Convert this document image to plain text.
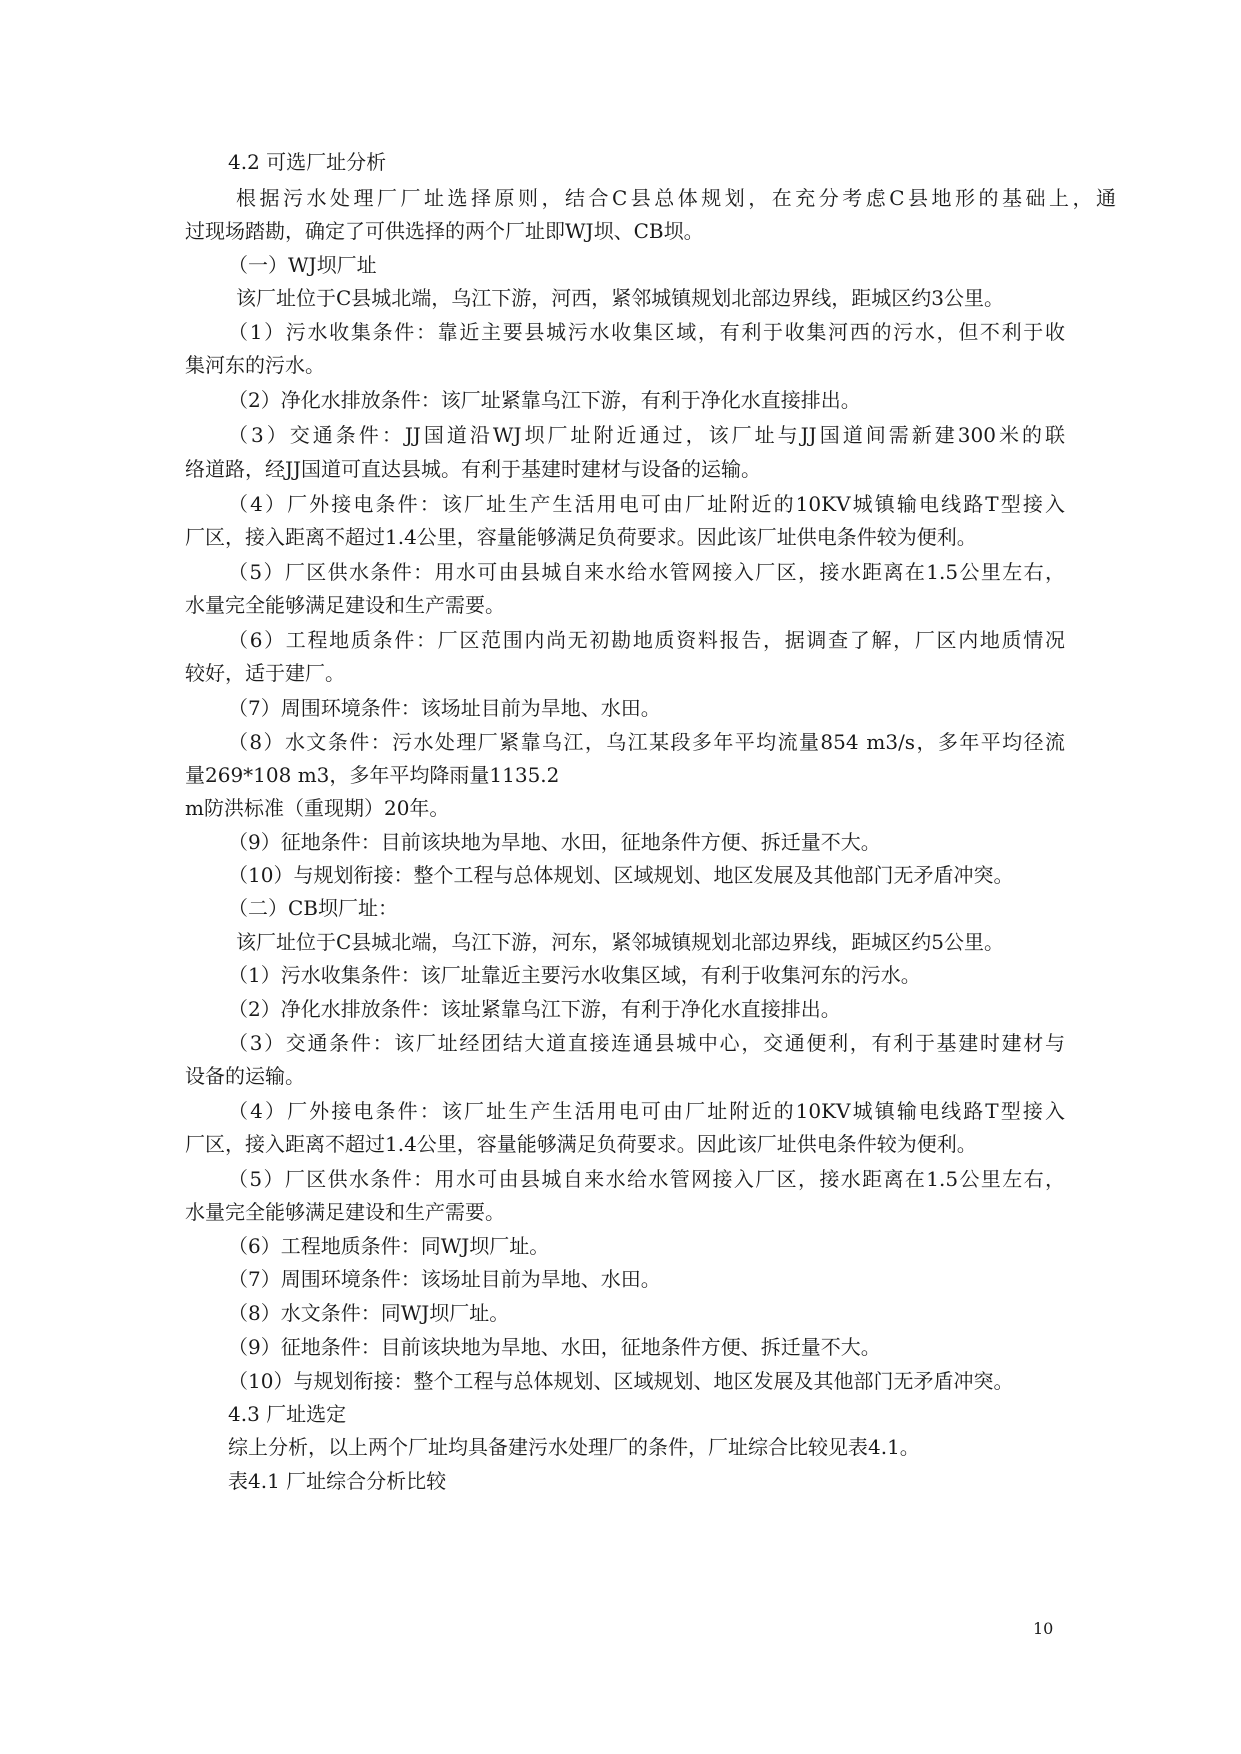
4.2 可选厂址分析
根据污水处理厂厂址选择原则，结合C县总体规划，在充分考虑C县地形的基础上，通
过现场踏勘，确定了可供选择的两个厂址即WJ坝、CB坝。
（一）WJ坝厂址
该厂址位于C县城北端，乌江下游，河西，紧邻城镇规划北部边界线，距城区约3公里。
（1）污水收集条件：靠近主要县城污水收集区域，有利于收集河西的污水，但不利于收
集河东的污水。
（2）净化水排放条件：该厂址紧靠乌江下游，有利于净化水直接排出。
（3）交通条件：JJ国道沿WJ坝厂址附近通过，该厂址与JJ国道间需新建300米的联
络道路，经JJ国道可直达县城。有利于基建时建材与设备的运输。
（4）厂外接电条件：该厂址生产生活用电可由厂址附近的10KV城镇输电线路T型接入
厂区，接入距离不超过1.4公里，容量能够满足负荷要求。因此该厂址供电条件较为便利。
（5）厂区供水条件：用水可由县城自来水给水管网接入厂区，接水距离在1.5公里左右，
水量完全能够满足建设和生产需要。
（6）工程地质条件：厂区范围内尚无初勘地质资料报告，据调查了解，厂区内地质情况
较好，适于建厂。
（7）周围环境条件：该场址目前为旱地、水田。
（8）水文条件：污水处理厂紧靠乌江，乌江某段多年平均流量854 m3/s，多年平均径流
量269*108 m3，多年平均降雨量1135.2
m防洪标准（重现期）20年。
（9）征地条件：目前该块地为旱地、水田，征地条件方便、拆迁量不大。
（10）与规划衔接：整个工程与总体规划、区域规划、地区发展及其他部门无矛盾冲突。
（二）CB坝厂址：
该厂址位于C县城北端，乌江下游，河东，紧邻城镇规划北部边界线，距城区约5公里。
（1）污水收集条件：该厂址靠近主要污水收集区域，有利于收集河东的污水。
（2）净化水排放条件：该址紧靠乌江下游，有利于净化水直接排出。
（3）交通条件：该厂址经团结大道直接连通县城中心，交通便利，有利于基建时建材与
设备的运输。
（4）厂外接电条件：该厂址生产生活用电可由厂址附近的10KV城镇输电线路T型接入
厂区，接入距离不超过1.4公里，容量能够满足负荷要求。因此该厂址供电条件较为便利。
（5）厂区供水条件：用水可由县城自来水给水管网接入厂区，接水距离在1.5公里左右，
水量完全能够满足建设和生产需要。
（6）工程地质条件：同WJ坝厂址。
（7）周围环境条件：该场址目前为旱地、水田。
（8）水文条件：同WJ坝厂址。
（9）征地条件：目前该块地为旱地、水田，征地条件方便、拆迁量不大。
（10）与规划衔接：整个工程与总体规划、区域规划、地区发展及其他部门无矛盾冲突。
4.3 厂址选定
综上分析，以上两个厂址均具备建污水处理厂的条件，厂址综合比较见表4.1。
表4.1 厂址综合分析比较
10
